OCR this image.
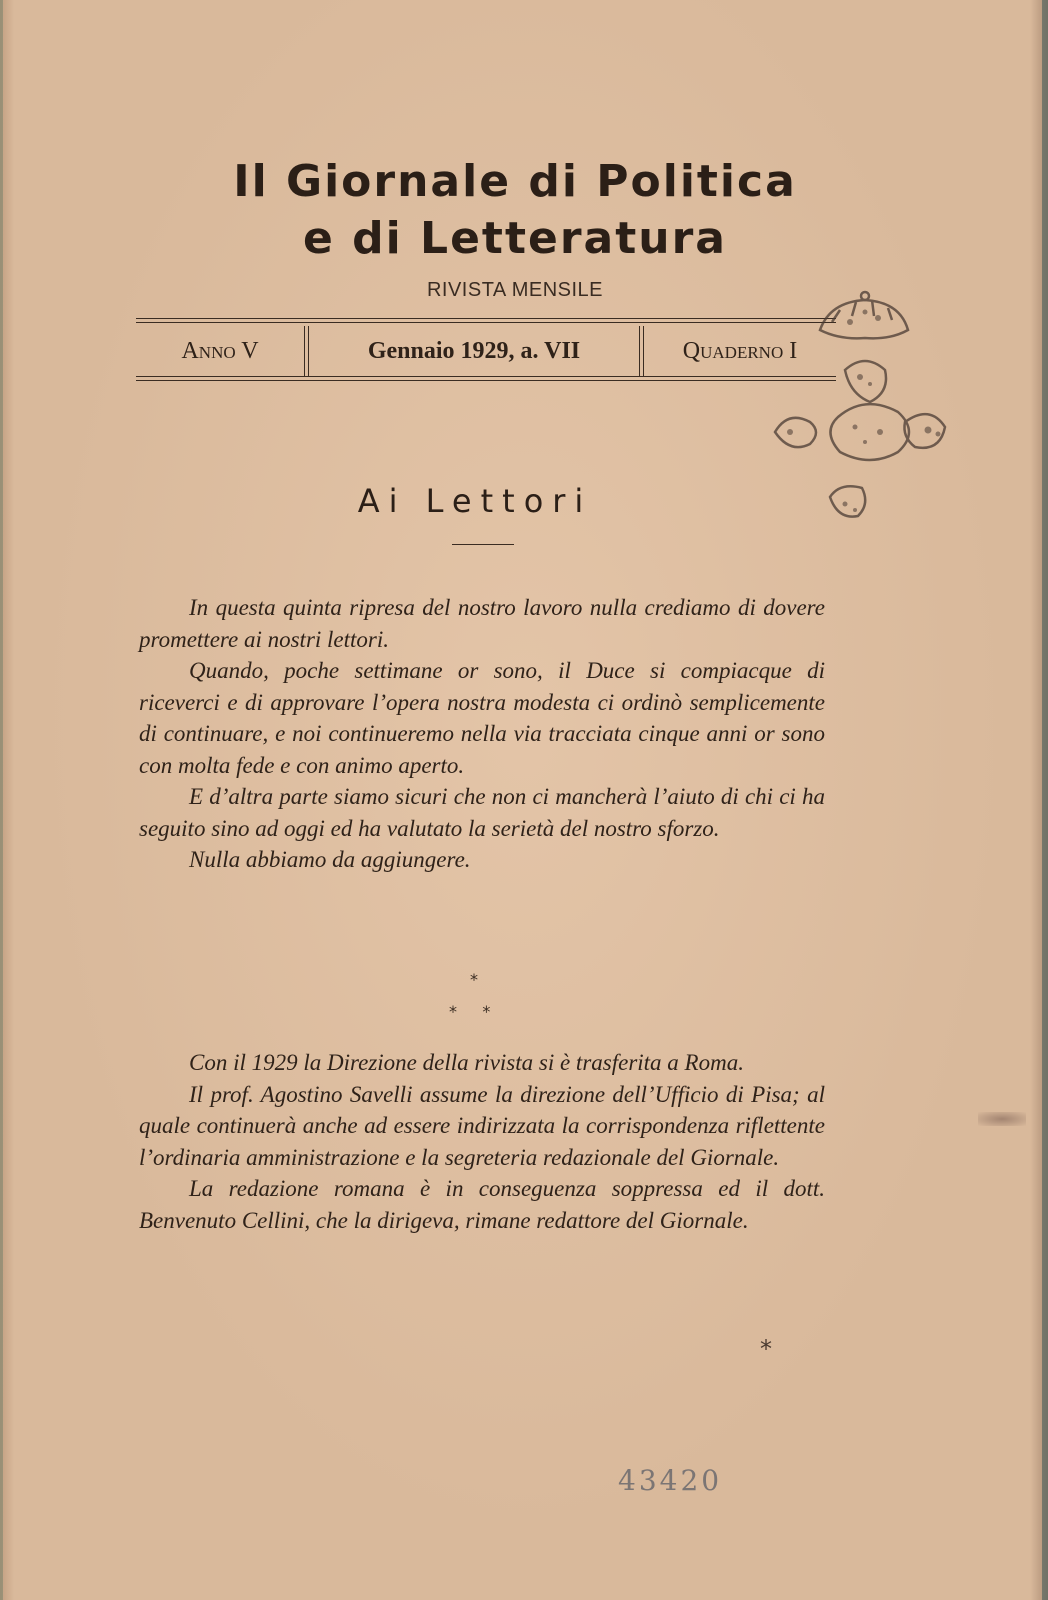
Il Giornale di Politica
e di Letteratura
RIVISTA MENSILE
Anno V	Gennaio 1929, a. VII	Quaderno I
Ai Lettori

In questa quinta ripresa del nostro lavoro nulla crediamo di dovere promettere ai nostri lettori.

Quando, poche settimane or sono, il Duce si compiacque di riceverci e di approvare l’opera nostra modesta ci ordinò semplicemente di continuare, e noi continueremo nella via tracciata cinque anni or sono con molta fede e con animo aperto.

E d’altra parte siamo sicuri che non ci mancherà l’aiuto di chi ci ha seguito sino ad oggi ed ha valutato la serietà del nostro sforzo.

Nulla abbiamo da aggiungere.

*
*     *

Con il 1929 la Direzione della rivista si è trasferita a Roma.

Il prof. Agostino Savelli assume la direzione dell’Ufficio di Pisa; al quale continuerà anche ad essere indirizzata la corrispondenza riflettente l’ordinaria amministrazione e la segreteria redazionale del Giornale.

La redazione romana è in conseguenza soppressa ed il dott. Benvenuto Cellini, che la dirigeva, rimane redattore del Giornale.

*
43420
